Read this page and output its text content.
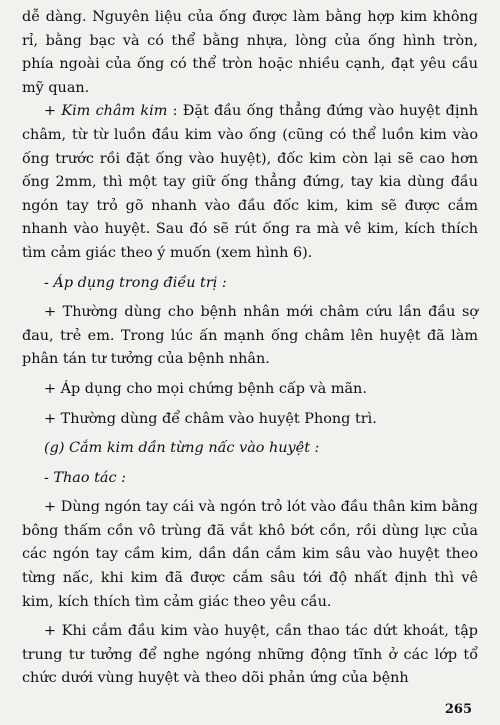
dễ dàng. Nguyên liệu của ống được làm bằng hợp kim không rỉ, bằng bạc và có thể bằng nhựa, lòng của ống hình tròn, phía ngoài của ống có thể tròn hoặc nhiều cạnh, đạt yêu cầu mỹ quan.

+ Kim châm kim : Đặt đầu ống thẳng đứng vào huyệt định châm, từ từ luồn đầu kim vào ống (cũng có thể luồn kim vào ống trước rồi đặt ống vào huyệt), đốc kim còn lại sẽ cao hơn ống 2mm, thì một tay giữ ống thẳng đứng, tay kia dùng đầu ngón tay trỏ gõ nhanh vào đầu đốc kim, kim sẽ được cắm nhanh vào huyệt. Sau đó sẽ rút ống ra mà vê kim, kích thích tìm cảm giác theo ý muốn (xem hình 6).

- Áp dụng trong điều trị :

+ Thường dùng cho bệnh nhân mới châm cứu lần đầu sợ đau, trẻ em. Trong lúc ấn mạnh ống châm lên huyệt đã làm phân tán tư tưởng của bệnh nhân.

+ Áp dụng cho mọi chứng bệnh cấp và mãn.

+ Thường dùng để châm vào huyệt Phong trì.

(g) Cắm kim dần từng nấc vào huyệt :

- Thao tác :

+ Dùng ngón tay cái và ngón trỏ lót vào đầu thân kim bằng bông thấm cồn vô trùng đã vắt khô bớt cồn, rồi dùng lực của các ngón tay cầm kim, dần dần cắm kim sâu vào huyệt theo từng nấc, khi kim đã được cắm sâu tới độ nhất định thì vê kim, kích thích tìm cảm giác theo yêu cầu.

+ Khi cắm đầu kim vào huyệt, cần thao tác dứt khoát, tập trung tư tưởng để nghe ngóng những động tĩnh ở các lớp tổ chức dưới vùng huyệt và theo dõi phản ứng của bệnh

265
